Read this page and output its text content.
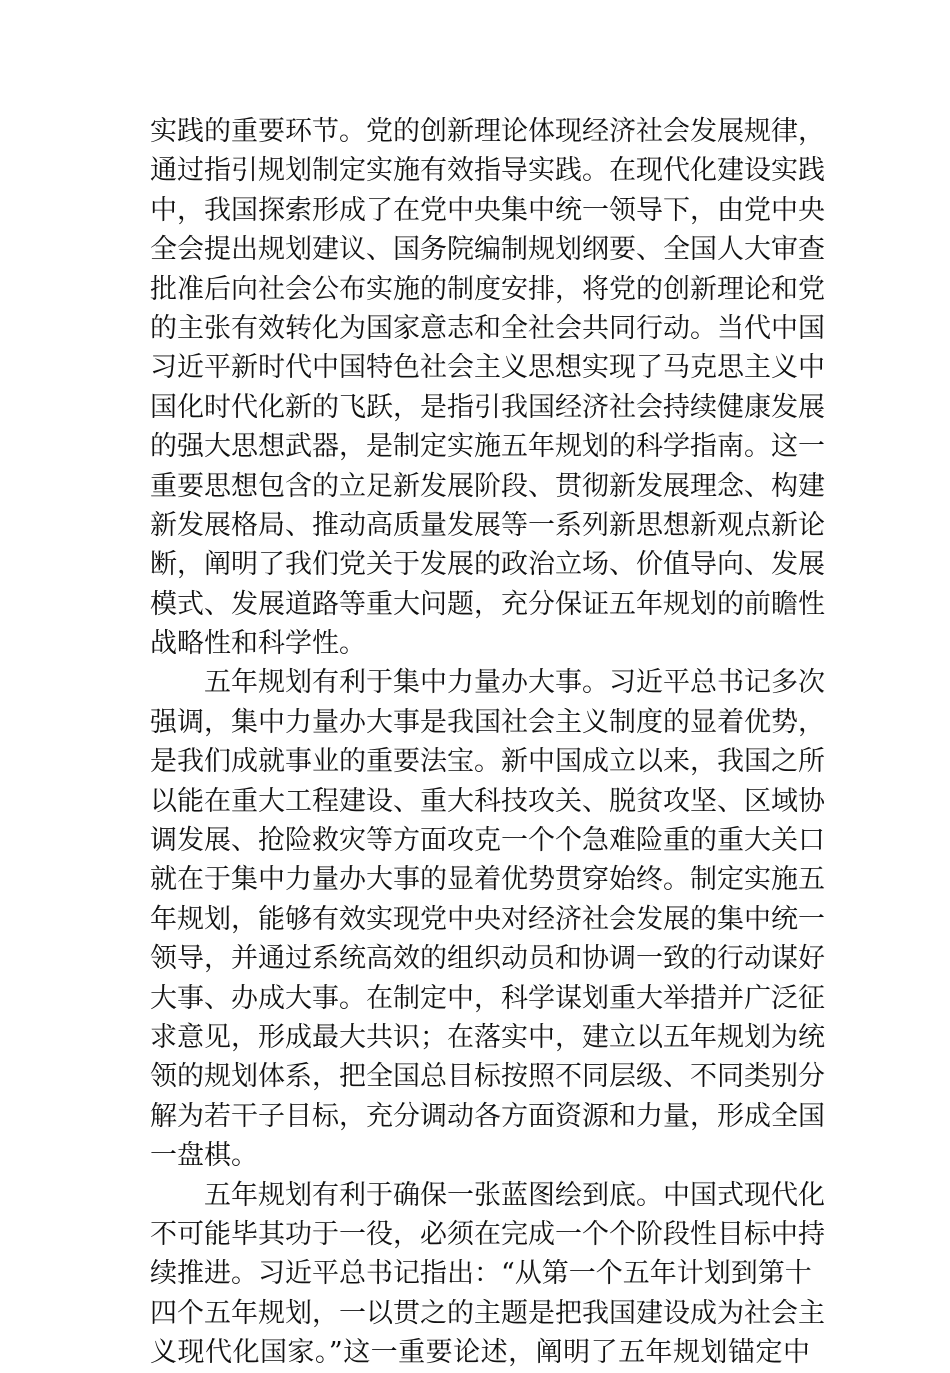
实践的重要环节。党的创新理论体现经济社会发展规律，
通过指引规划制定实施有效指导实践。在现代化建设实践
中，我国探索形成了在党中央集中统一领导下，由党中央
全会提出规划建议、国务院编制规划纲要、全国人大审查
批准后向社会公布实施的制度安排，将党的创新理论和党
的主张有效转化为国家意志和全社会共同行动。当代中国
习近平新时代中国特色社会主义思想实现了马克思主义中
国化时代化新的飞跃，是指引我国经济社会持续健康发展
的强大思想武器，是制定实施五年规划的科学指南。这一
重要思想包含的立足新发展阶段、贯彻新发展理念、构建
新发展格局、推动高质量发展等一系列新思想新观点新论
断，阐明了我们党关于发展的政治立场、价值导向、发展
模式、发展道路等重大问题，充分保证五年规划的前瞻性
战略性和科学性。
五年规划有利于集中力量办大事。习近平总书记多次
强调，集中力量办大事是我国社会主义制度的显着优势，
是我们成就事业的重要法宝。新中国成立以来，我国之所
以能在重大工程建设、重大科技攻关、脱贫攻坚、区域协
调发展、抢险救灾等方面攻克一个个急难险重的重大关口
就在于集中力量办大事的显着优势贯穿始终。制定实施五
年规划，能够有效实现党中央对经济社会发展的集中统一
领导，并通过系统高效的组织动员和协调一致的行动谋好
大事、办成大事。在制定中，科学谋划重大举措并广泛征
求意见，形成最大共识；在落实中，建立以五年规划为统
领的规划体系，把全国总目标按照不同层级、不同类别分
解为若干子目标，充分调动各方面资源和力量，形成全国
一盘棋。
五年规划有利于确保一张蓝图绘到底。中国式现代化
不可能毕其功于一役，必须在完成一个个阶段性目标中持
续推进。习近平总书记指出：“从第一个五年计划到第十
四个五年规划，一以贯之的主题是把我国建设成为社会主
义现代化国家。”这一重要论述，阐明了五年规划锚定中
